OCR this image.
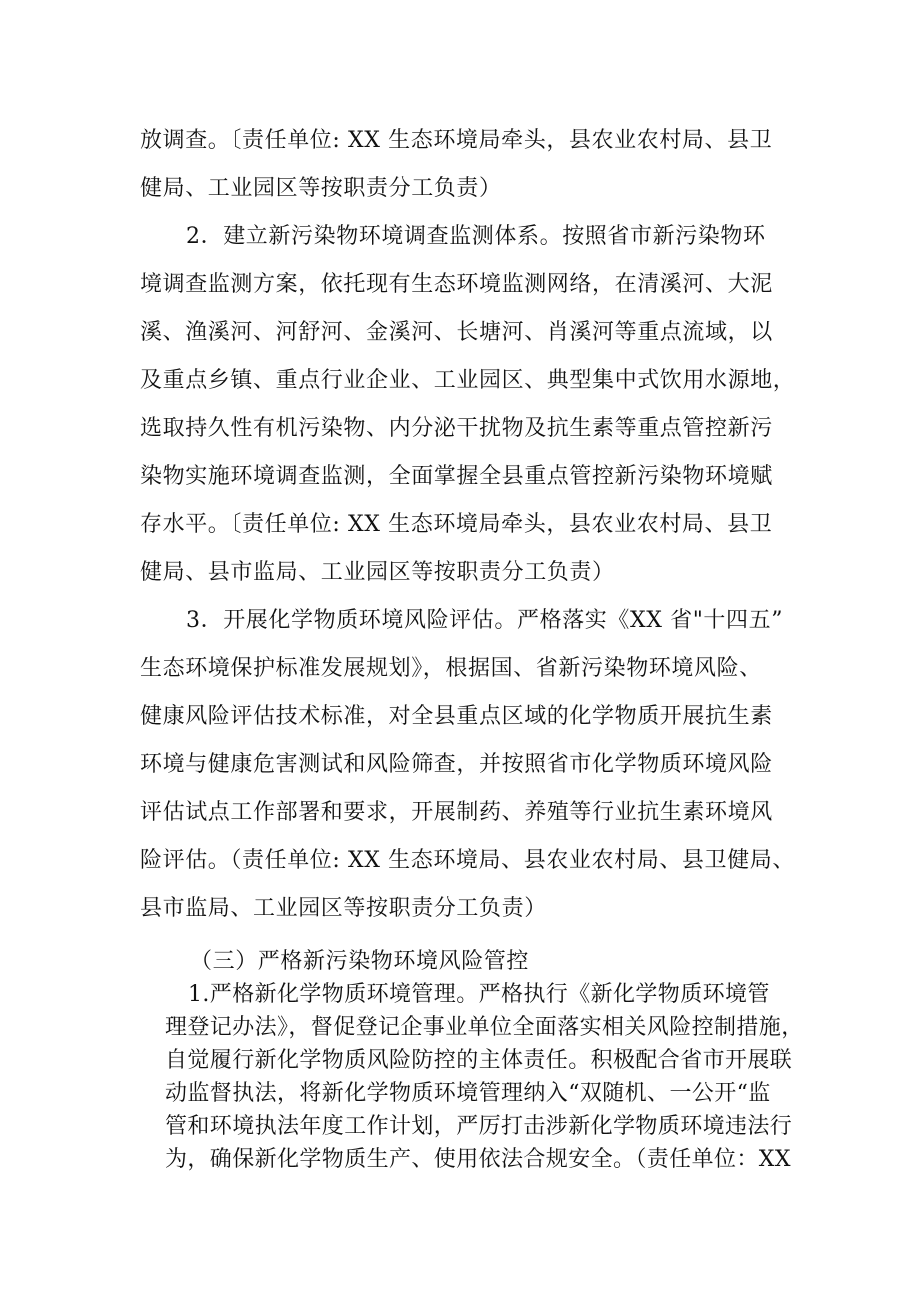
放调查。〔责任单位: XX 生态环境局牵头，县农业农村局、县卫
健局、工业园区等按职责分工负责）
2．建立新污染物环境调查监测体系。按照省市新污染物环
境调查监测方案，依托现有生态环境监测网络，在清溪河、大泥
溪、渔溪河、河舒河、金溪河、长塘河、肖溪河等重点流域，以
及重点乡镇、重点行业企业、工业园区、典型集中式饮用水源地，
选取持久性有机污染物、内分泌干扰物及抗生素等重点管控新污
染物实施环境调查监测，全面掌握全县重点管控新污染物环境赋
存水平。〔责任单位: XX 生态环境局牵头，县农业农村局、县卫
健局、县市监局、工业园区等按职责分工负责）
3．开展化学物质环境风险评估。严格落实《XX 省"十四五”
生态环境保护标准发展规划》，根据国、省新污染物环境风险、
健康风险评估技术标准，对全县重点区域的化学物质开展抗生素
环境与健康危害测试和风险筛查，并按照省市化学物质环境风险
评估试点工作部署和要求，开展制药、养殖等行业抗生素环境风
险评估。（责任单位: XX 生态环境局、县农业农村局、县卫健局、
县市监局、工业园区等按职责分工负责）
（三）严格新污染物环境风险管控
1.严格新化学物质环境管理。严格执行《新化学物质环境管
理登记办法》，督促登记企事业单位全面落实相关风险控制措施，
自觉履行新化学物质风险防控的主体责任。积极配合省市开展联
动监督执法，将新化学物质环境管理纳入“双随机、一公开“监
管和环境执法年度工作计划，严厉打击涉新化学物质环境违法行
为，确保新化学物质生产、使用依法合规安全。（责任单位：XX
